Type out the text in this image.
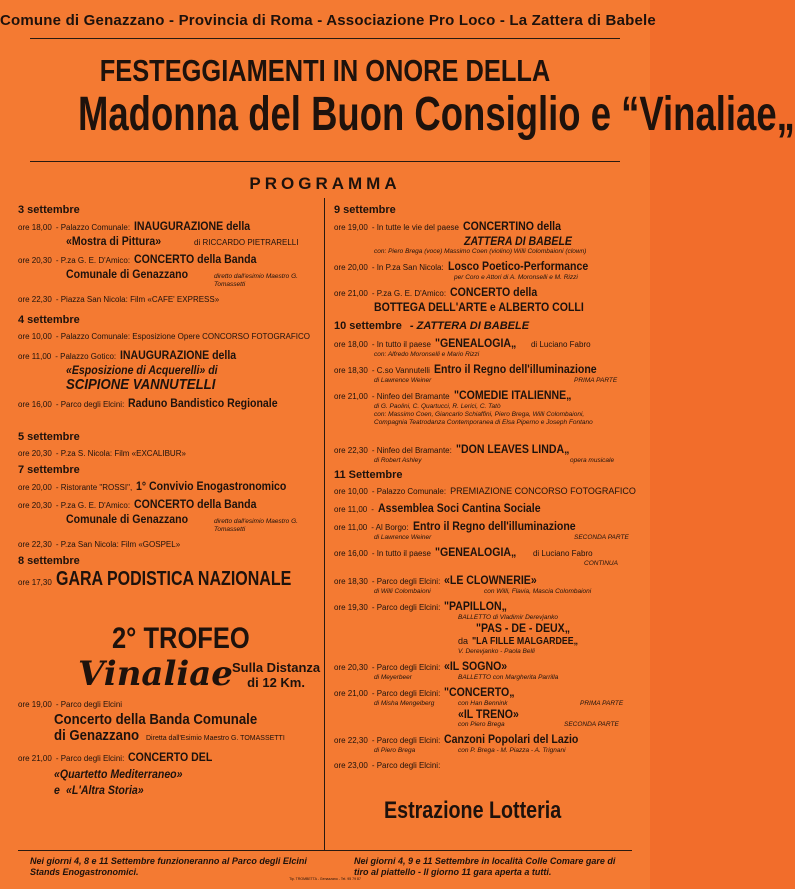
Comune di Genazzano - Provincia di Roma - Associazione Pro Loco - La Zattera di Babele
FESTEGGIAMENTI IN ONORE DELLA
Madonna del Buon Consiglio e “Vinaliae„
PROGRAMMA
3 settembre
ore 18,00 - Palazzo Comunale: INAUGURAZIONE della
«Mostra di Pittura»	di RICCARDO PIETRARELLI
ore 20,30 - P.za G. E. D'Amico: CONCERTO della Banda
Comunale di Genazzano	diretto dall'esimio Maestro G. Tomassetti
ore 22,30 - Piazza San Nicola: Film «CAFE' EXPRESS»
4 settembre
ore 10,00 - Palazzo Comunale: Esposizione Opere CONCORSO FOTOGRAFICO
ore 11,00 - Palazzo Gotico: INAUGURAZIONE della
«Esposizione di Acquerelli» di
SCIPIONE VANNUTELLI
ore 16,00 - Parco degli Elcini: Raduno Bandistico Regionale
5 settembre
ore 20,30 - P.za S. Nicola: Film «EXCALIBUR»
7 settembre
ore 20,00 - Ristorante "ROSSI", 1° Convivio Enogastronomico
ore 20,30 - P.za G. E. D'Amico: CONCERTO della Banda
Comunale di Genazzano	diretto dall'esimio Maestro G. Tomassetti
ore 22,30 - P.za San Nicola: Film «GOSPEL»
8 settembre
ore 17,30 GARA PODISTICA NAZIONALE
2° TROFEO
Vinaliae Sulla Distanza
di 12 Km.
ore 19,00 - Parco degli Elcini
Concerto della Banda Comunale
di Genazzano Diretta dall'Esimio Maestro G. TOMASSETTI
ore 21,00 - Parco degli Elcini: CONCERTO DEL
«Quartetto Mediterraneo»
e «L'Altra Storia»
9 settembre
ore 19,00 - In tutte le vie del paese CONCERTINO della
ZATTERA DI BABELE
con: Piero Brega (voce) Massimo Coen (violino) Willi Colombaioni (clown)
ore 20,00 - In P.za San Nicola: Losco Poetico-Performance
per Coro e Attori di A. Moronselli e M. Rizzi
ore 21,00 - P.za G. E. D'Amico: CONCERTO della
BOTTEGA DELL'ARTE e ALBERTO COLLI
10 settembre - ZATTERA DI BABELE
ore 18,00 - In tutto il paese "GENEALOGIA„	di Luciano Fabro
con: Alfredo Moronselli e Mario Rizzi
ore 18,30 - C.so Vannutelli Entro il Regno dell'illuminazione
di Lawrence Weiner	PRIMA PARTE
ore 21,00 - Ninfeo del Bramante "COMEDIE ITALIENNE„
di G. Paolini, C. Quartucci, R. Lerici, C. Tatò
con: Massimo Coen, Giancarlo Schiaffini, Piero Brega, Willi Colombaioni,
Compagnia Teatrodanza Contemporanea di Elsa Piperno e Joseph Fontano
ore 22,30 - Ninfeo del Bramante: "DON LEAVES LINDA„
di Robert Ashley	opera musicale
11 Settembre
ore 10,00 - Palazzo Comunale: PREMIAZIONE CONCORSO FOTOGRAFICO
ore 11,00 - Assemblea Soci Cantina Sociale
ore 11,00 - Al Borgo: Entro il Regno dell'illuminazione
di Lawrence Weiner	SECONDA PARTE
ore 16,00 - In tutto il paese "GENEALOGIA„	di Luciano Fabro
CONTINUA
ore 18,30 - Parco degli Elcini: «LE CLOWNERIE»
di Willi Colombaioni	con Willi, Flavia, Mascia Colombaioni
ore 19,30 - Parco degli Elcini: "PAPILLON„
BALLETTO di Vladimir Derevjanko
"PAS - DE - DEUX„
da "LA FILLE MALGARDEE„
V. Derevjanko - Paola Belli
ore 20,30 - Parco degli Elcini: «IL SOGNO»
di Meyerbeer	BALLETTO con Margherita Parrilla
ore 21,00 - Parco degli Elcini: "CONCERTO„
di Misha Mengelberg	con Han Bennink	PRIMA PARTE
«IL TRENO»
con Piero Brega	SECONDA PARTE
ore 22,30 - Parco degli Elcini: Canzoni Popolari del Lazio
di Piero Brega	con P. Brega - M. Piazza - A. Trignani
ore 23,00 - Parco degli Elcini:
Estrazione Lotteria
Nei giorni 4, 8 e 11 Settembre funzioneranno al Parco degli Elcini Stands Enogastronomici.
Nei giorni 4, 9 e 11 Settembre in località Colle Comare gare di tiro al piattello - Il giorno 11 gara aperta a tutti.
Tip. TROMBETTA - Genazzano - Tel. 95 79 87
